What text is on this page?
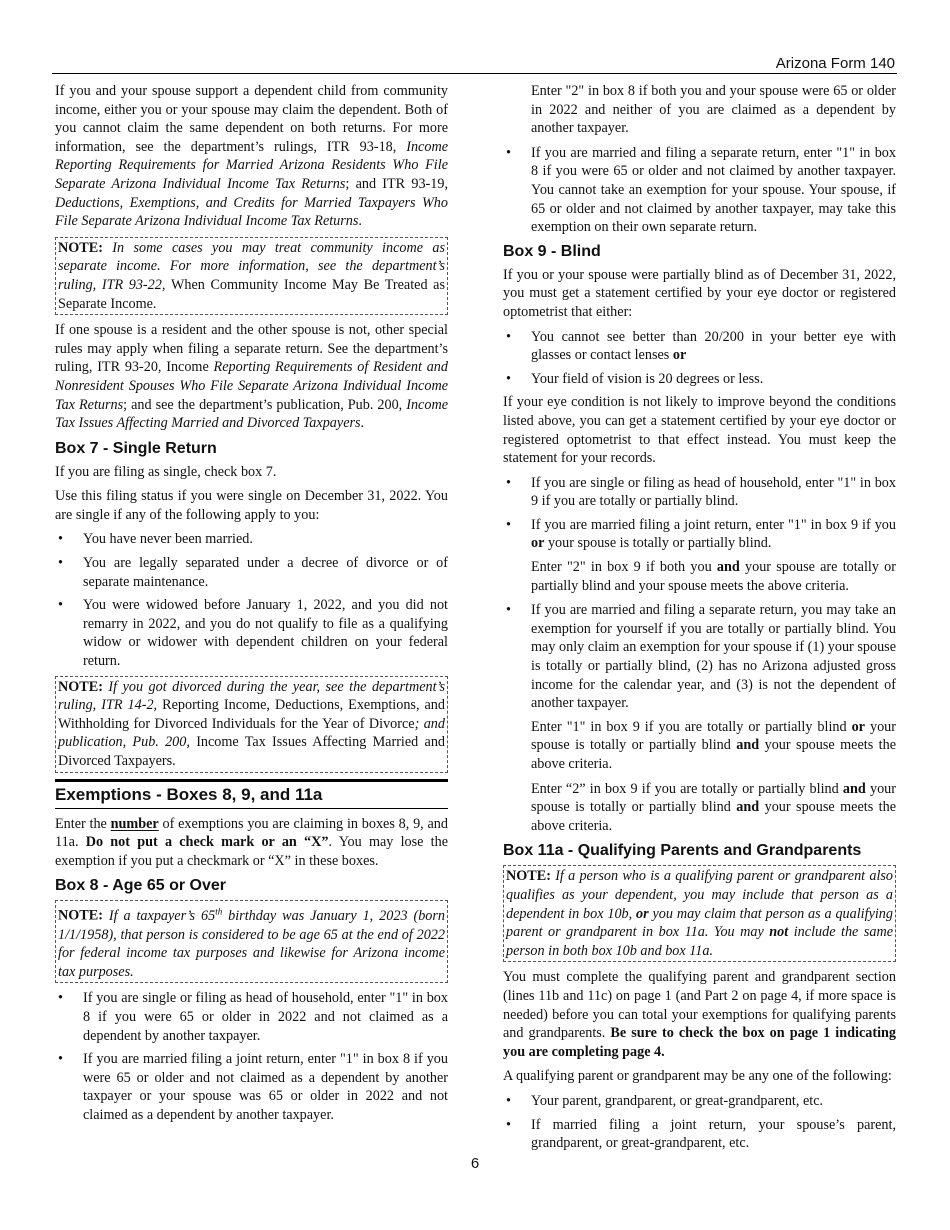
Arizona Form 140

If you and your spouse support a dependent child from community income, either you or your spouse may claim the dependent. Both of you cannot claim the same dependent on both returns. For more information, see the department’s rulings, ITR 93-18, Income Reporting Requirements for Married Arizona Residents Who File Separate Arizona Individual Income Tax Returns; and ITR 93-19, Deductions, Exemptions, and Credits for Married Taxpayers Who File Separate Arizona Individual Income Tax Returns.

NOTE: In some cases you may treat community income as separate income. For more information, see the department’s ruling, ITR 93-22, When Community Income May Be Treated as Separate Income.

If one spouse is a resident and the other spouse is not, other special rules may apply when filing a separate return. See the department’s ruling, ITR 93-20, Income Reporting Requirements of Resident and Nonresident Spouses Who File Separate Arizona Individual Income Tax Returns; and see the department’s publication, Pub. 200, Income Tax Issues Affecting Married and Divorced Taxpayers.

Box 7 - Single Return

If you are filing as single, check box 7.

Use this filing status if you were single on December 31, 2022. You are single if any of the following apply to you:

• You have never been married.
• You are legally separated under a decree of divorce or of separate maintenance.
• You were widowed before January 1, 2022, and you did not remarry in 2022, and you do not qualify to file as a qualifying widow or widower with dependent children on your federal return.
NOTE: If you got divorced during the year, see the department’s ruling, ITR 14-2, Reporting Income, Deductions, Exemptions, and Withholding for Divorced Individuals for the Year of Divorce; and publication, Pub. 200, Income Tax Issues Affecting Married and Divorced Taxpayers.
Exemptions - Boxes 8, 9, and 11a

Enter the number of exemptions you are claiming in boxes 8, 9, and 11a. Do not put a check mark or an “X”. You may lose the exemption if you put a checkmark or “X” in these boxes.

Box 8 - Age 65 or Over
NOTE: If a taxpayer’s 65th birthday was January 1, 2023 (born 1/1/1958), that person is considered to be age 65 at the end of 2022 for federal income tax purposes and likewise for Arizona income tax purposes.
• If you are single or filing as head of household, enter "1" in box 8 if you were 65 or older in 2022 and not claimed as a dependent by another taxpayer.
• If you are married filing a joint return, enter "1" in box 8 if you were 65 or older and not claimed as a dependent by another taxpayer or your spouse was 65 or older in 2022 and not claimed as a dependent by another taxpayer.

Enter "2" in box 8 if both you and your spouse were 65 or older in 2022 and neither of you are claimed as a dependent by another taxpayer.

• If you are married and filing a separate return, enter "1" in box 8 if you were 65 or older and not claimed by another taxpayer. You cannot take an exemption for your spouse. Your spouse, if 65 or older and not claimed by another taxpayer, may take this exemption on their own separate return.
Box 9 - Blind

If you or your spouse were partially blind as of December 31, 2022, you must get a statement certified by your eye doctor or registered optometrist that either:

• You cannot see better than 20/200 in your better eye with glasses or contact lenses or
• Your field of vision is 20 degrees or less.

If your eye condition is not likely to improve beyond the conditions listed above, you can get a statement certified by your eye doctor or registered optometrist to that effect instead. You must keep the statement for your records.

• If you are single or filing as head of household, enter "1" in box 9 if you are totally or partially blind.
• If you are married filing a joint return, enter "1" in box 9 if you or your spouse is totally or partially blind.

Enter "2" in box 9 if both you and your spouse are totally or partially blind and your spouse meets the above criteria.

• If you are married and filing a separate return, you may take an exemption for yourself if you are totally or partially blind. You may only claim an exemption for your spouse if (1) your spouse is totally or partially blind, (2) has no Arizona adjusted gross income for the calendar year, and (3) is not the dependent of another taxpayer.

Enter "1" in box 9 if you are totally or partially blind or your spouse is totally or partially blind and your spouse meets the above criteria.

Enter “2” in box 9 if you are totally or partially blind and your spouse is totally or partially blind and your spouse meets the above criteria.

Box 11a - Qualifying Parents and Grandparents
NOTE: If a person who is a qualifying parent or grandparent also qualifies as your dependent, you may include that person as a dependent in box 10b, or you may claim that person as a qualifying parent or grandparent in box 11a. You may not include the same person in both box 10b and box 11a.

You must complete the qualifying parent and grandparent section (lines 11b and 11c) on page 1 (and Part 2 on page 4, if more space is needed) before you can total your exemptions for qualifying parents and grandparents. Be sure to check the box on page 1 indicating you are completing page 4.

A qualifying parent or grandparent may be any one of the following:

• Your parent, grandparent, or great-grandparent, etc.
• If married filing a joint return, your spouse’s parent, grandparent, or great-grandparent, etc.
6
